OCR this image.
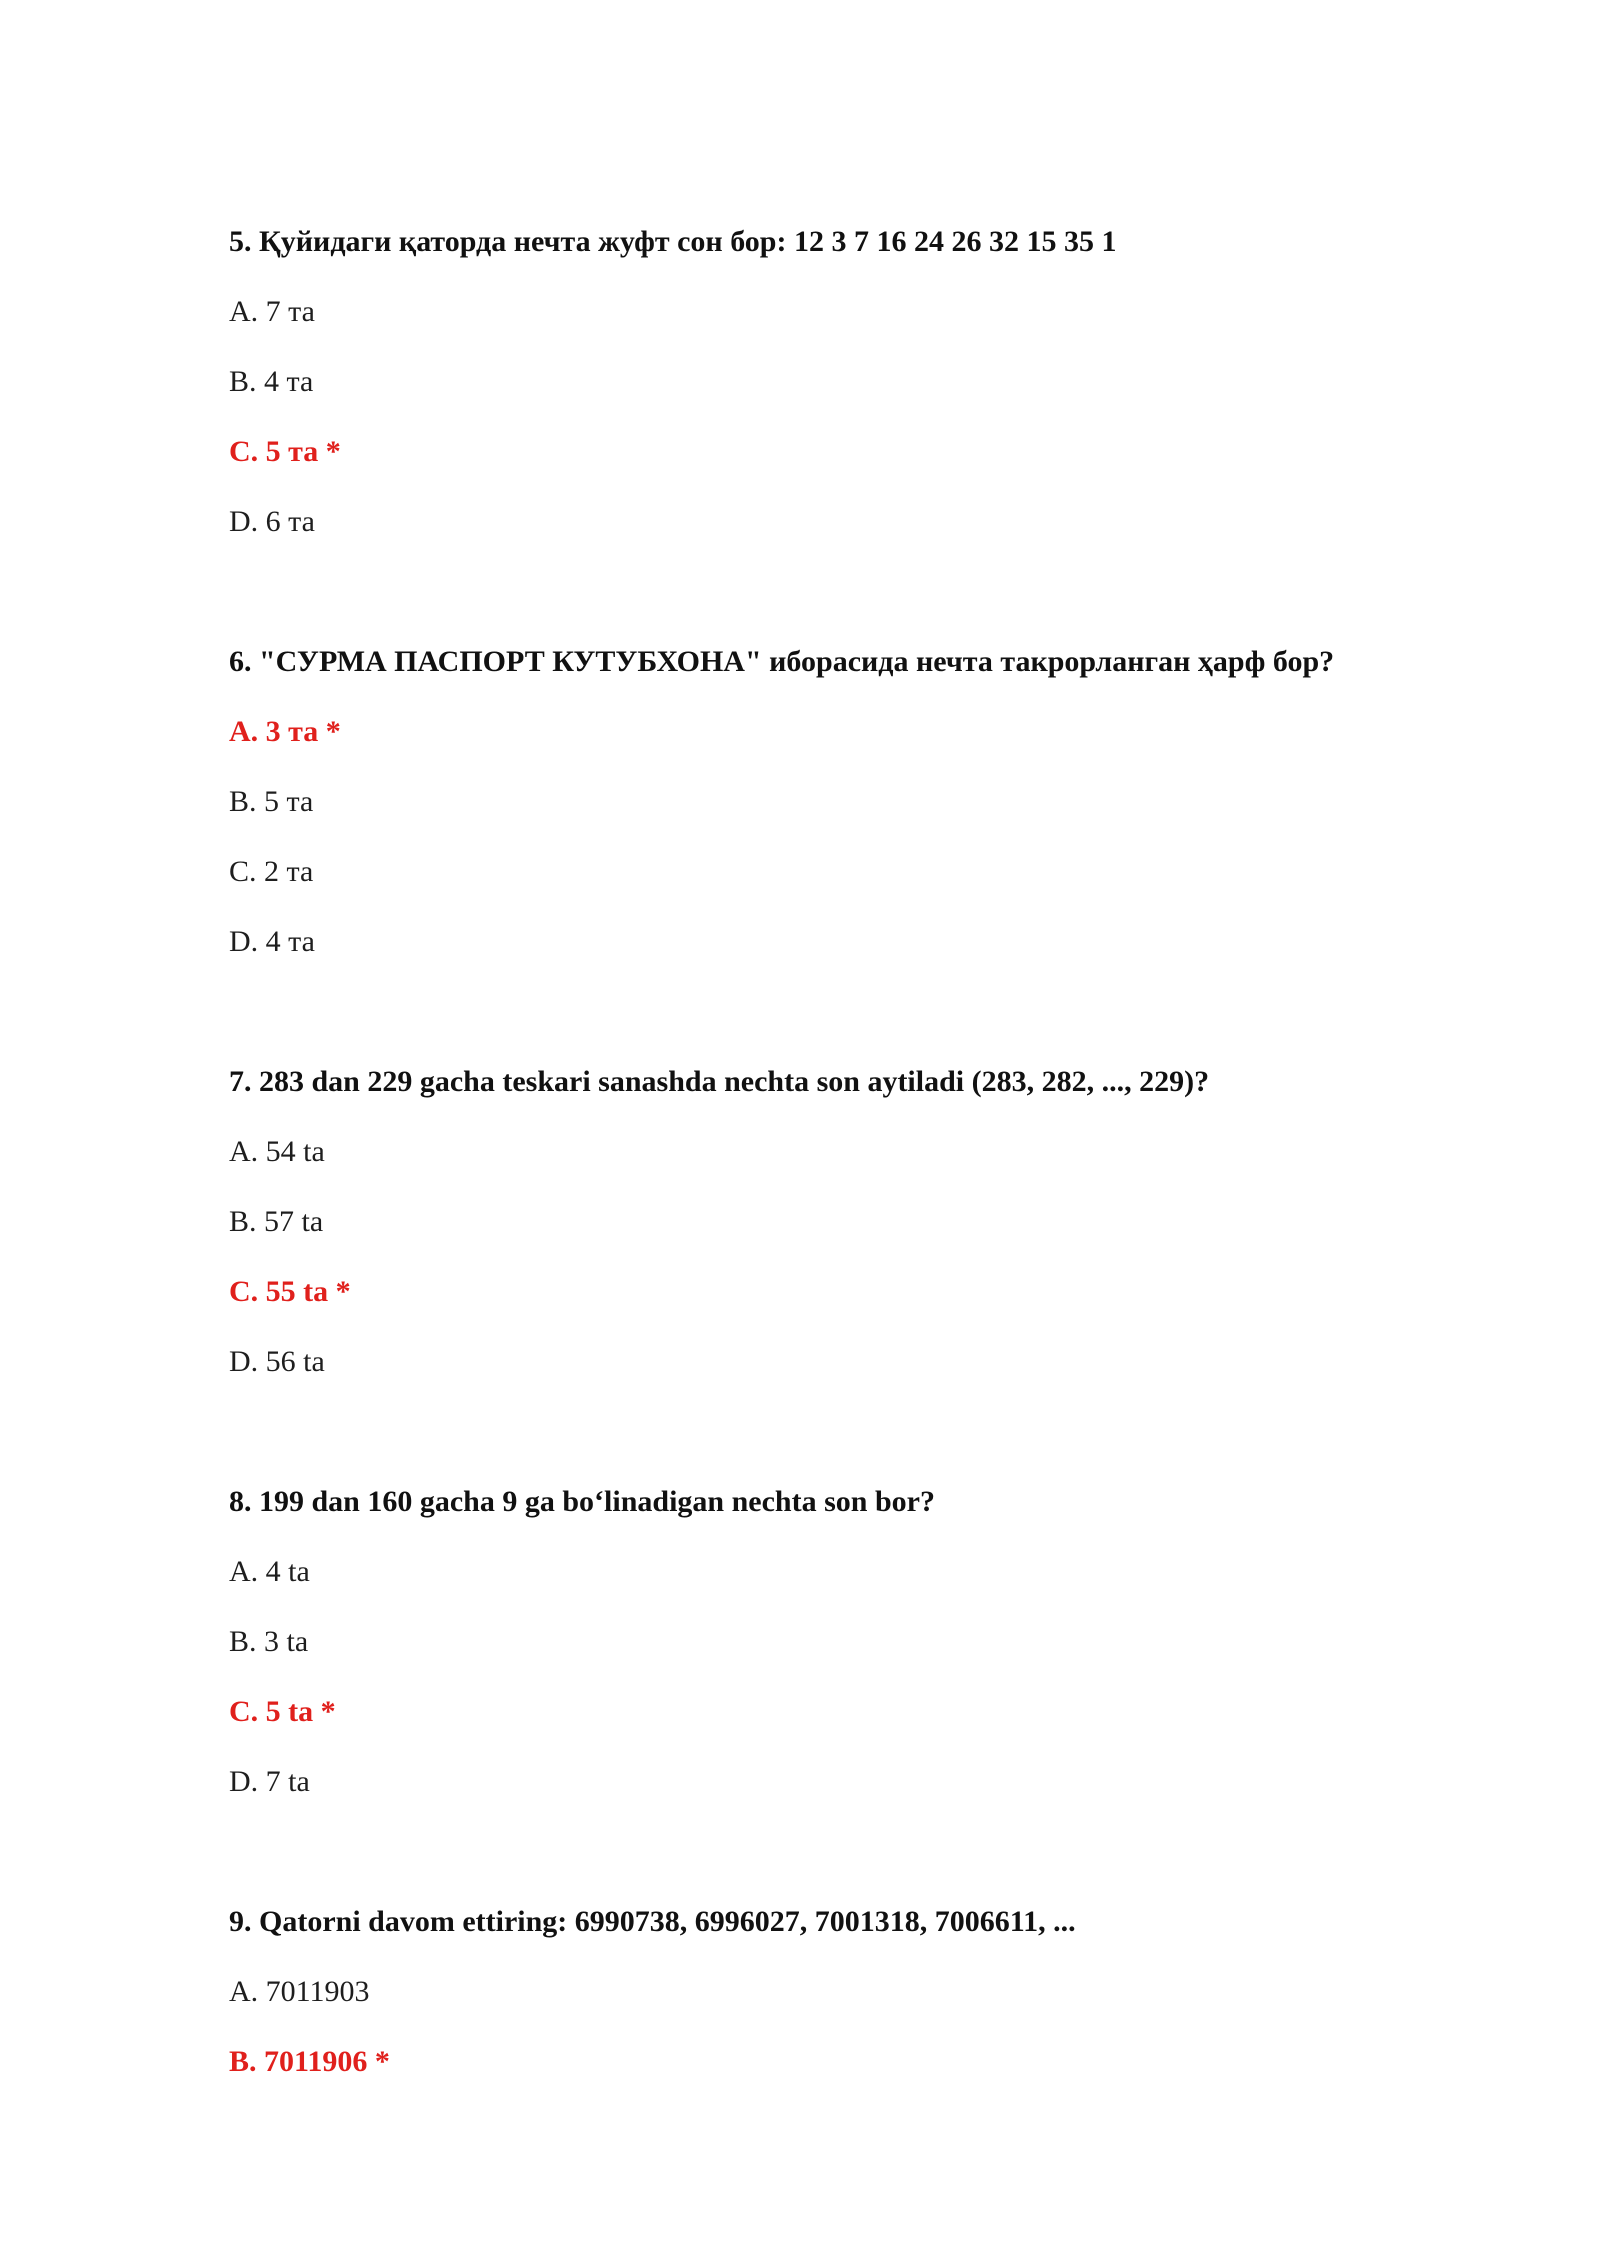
5. Қуйидаги қаторда нечта жуфт сон бор: 12 3 7 16 24 26 32 15 35 1
A. 7 та
B. 4 та
C. 5 та *
D. 6 та
6. "СУРМА ПАСПОРТ КУТУБХОНА" иборасида нечта такрорланган ҳарф бор?
A. 3 та *
B. 5 та
C. 2 та
D. 4 та
7. 283 dan 229 gacha teskari sanashda nechta son aytiladi (283, 282, ..., 229)?
A. 54 ta
B. 57 ta
C. 55 ta *
D. 56 ta
8. 199 dan 160 gacha 9 ga bo‘linadigan nechta son bor?
A. 4 ta
B. 3 ta
C. 5 ta *
D. 7 ta
9. Qatorni davom ettiring: 6990738, 6996027, 7001318, 7006611, ...
A. 7011903
B. 7011906 *
